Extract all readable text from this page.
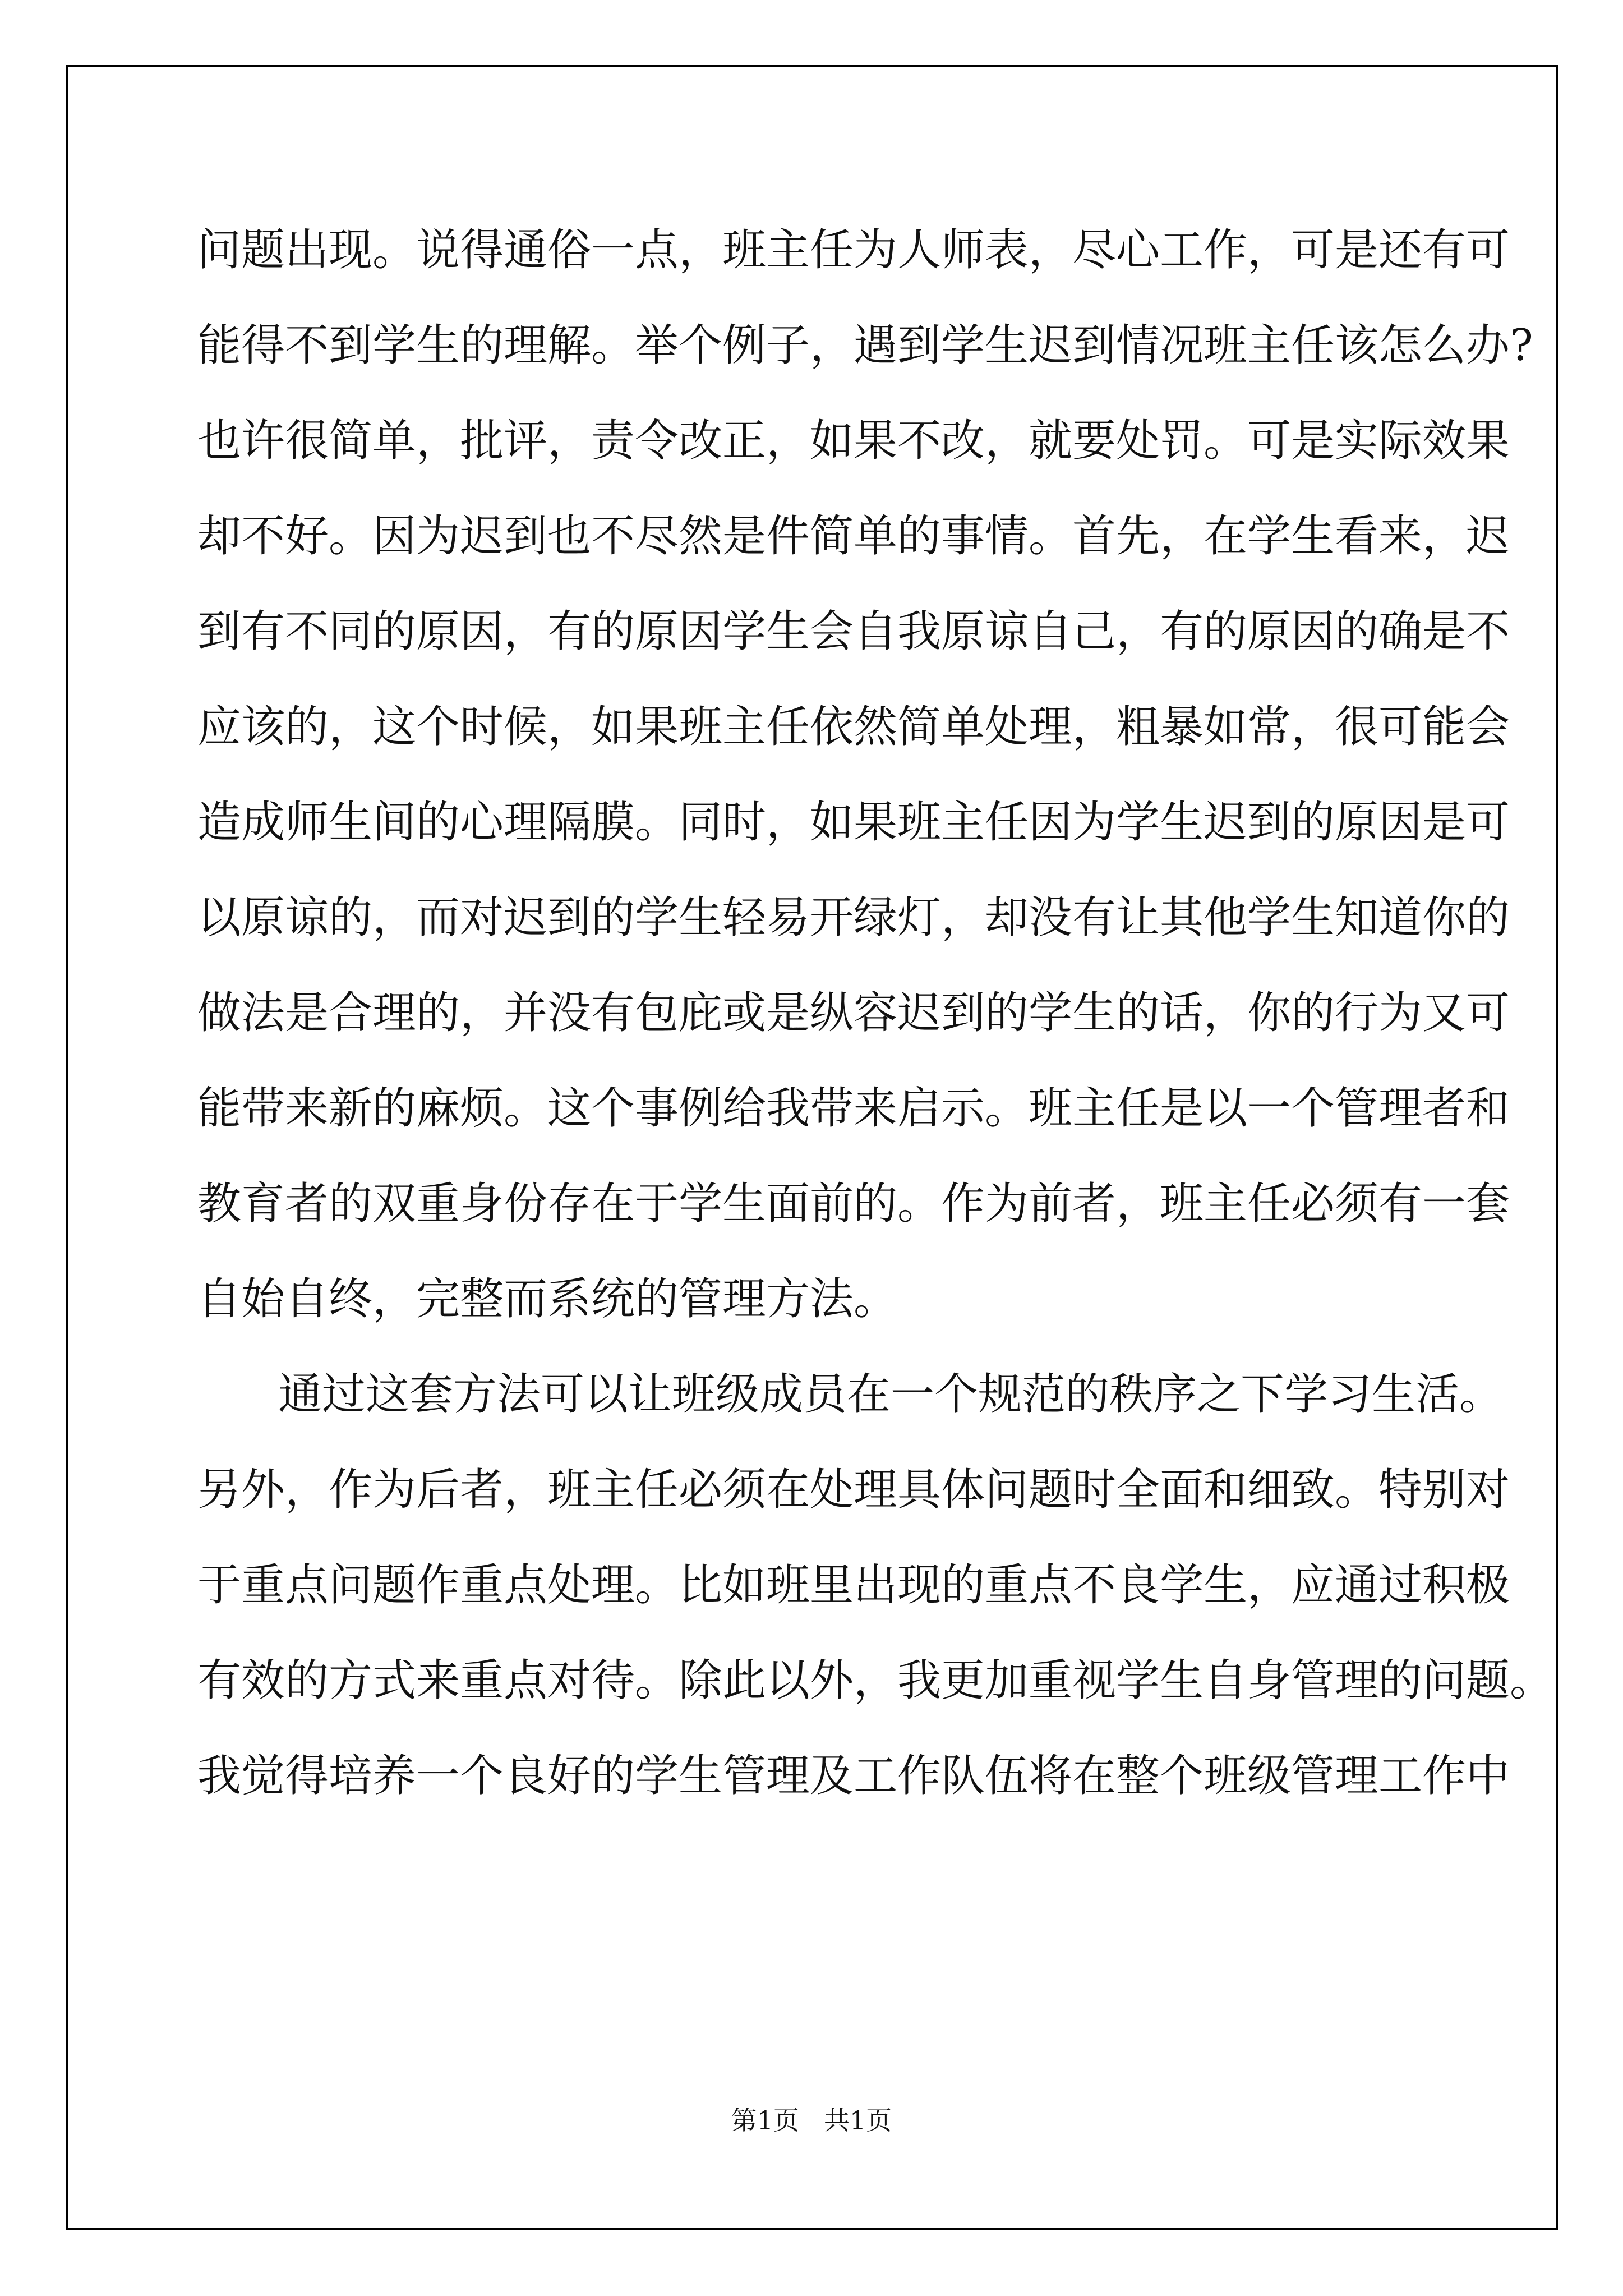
问题出现。说得通俗一点，班主任为人师表，尽心工作，可是还有可
能得不到学生的理解。举个例子，遇到学生迟到情况班主任该怎么办?
也许很简单，批评，责令改正，如果不改，就要处罚。可是实际效果
却不好。因为迟到也不尽然是件简单的事情。首先，在学生看来，迟
到有不同的原因，有的原因学生会自我原谅自己，有的原因的确是不
应该的，这个时候，如果班主任依然简单处理，粗暴如常，很可能会
造成师生间的心理隔膜。同时，如果班主任因为学生迟到的原因是可
以原谅的，而对迟到的学生轻易开绿灯，却没有让其他学生知道你的
做法是合理的，并没有包庇或是纵容迟到的学生的话，你的行为又可
能带来新的麻烦。这个事例给我带来启示。班主任是以一个管理者和
教育者的双重身份存在于学生面前的。作为前者，班主任必须有一套
自始自终，完整而系统的管理方法。
通过这套方法可以让班级成员在一个规范的秩序之下学习生活。
另外，作为后者，班主任必须在处理具体问题时全面和细致。特别对
于重点问题作重点处理。比如班里出现的重点不良学生，应通过积极
有效的方式来重点对待。除此以外，我更加重视学生自身管理的问题。
我觉得培养一个良好的学生管理及工作队伍将在整个班级管理工作中
第1页 共1页
